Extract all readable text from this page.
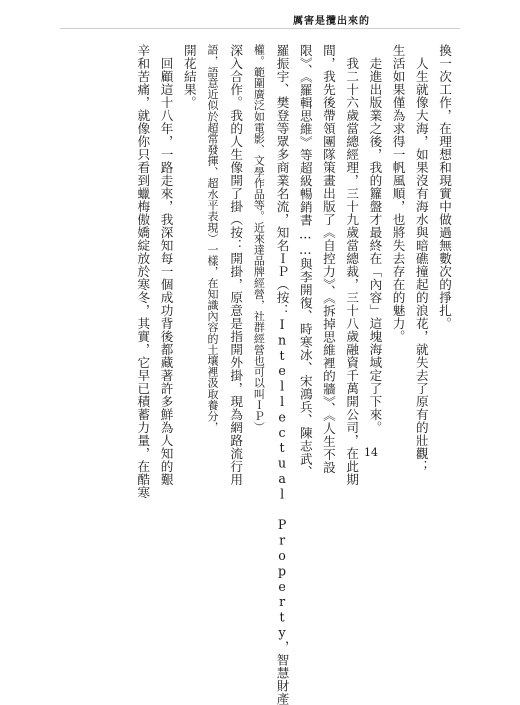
厲害是攬出來的

換一次工作，在理想和現實中做過無數次的掙扎。

人生就像大海，如果沒有海水與暗礁撞起的浪花，就失去了原有的壯觀；

生活如果僅為求得一帆風順，也將失去存在的魅力。

走進出版業之後，我的籮盤才最終在「內容」這塊海域定了下來。

我二十六歲當總經理，三十九歲當總裁，三十八歲融資千萬開公司，在此期

間，我先後帶領團隊策畫出版了《自控力》、《拆掉思維裡的牆》、《人生不設

限》、《羅輯思維》等超級暢銷書……與李開復、時寒冰、宋鴻兵、陳志武、

羅振宇、樊登等眾多商業名流，知名ＩＰ（按：Intellectual Property，智慧財產

權。範圍廣泛如電影、文學作品等。近來達品牌經營，社群經營也可以叫ＩＰ）

深入合作。我的人生像開了掛（按：開掛，原意是指開外掛，現為網路流行用

語，語意近似於超常發揮、超水平表現）一樣，在知識內容的土壤裡汲取養分，

開花結果。

回顧這十八年，一路走來，我深知每一個成功背後都藏著許多鮮為人知的艱

辛和苦痛，就像你只看到蠟梅傲嬌綻放於寒冬，其實，它早已積蓄力量，在酷寒	14
